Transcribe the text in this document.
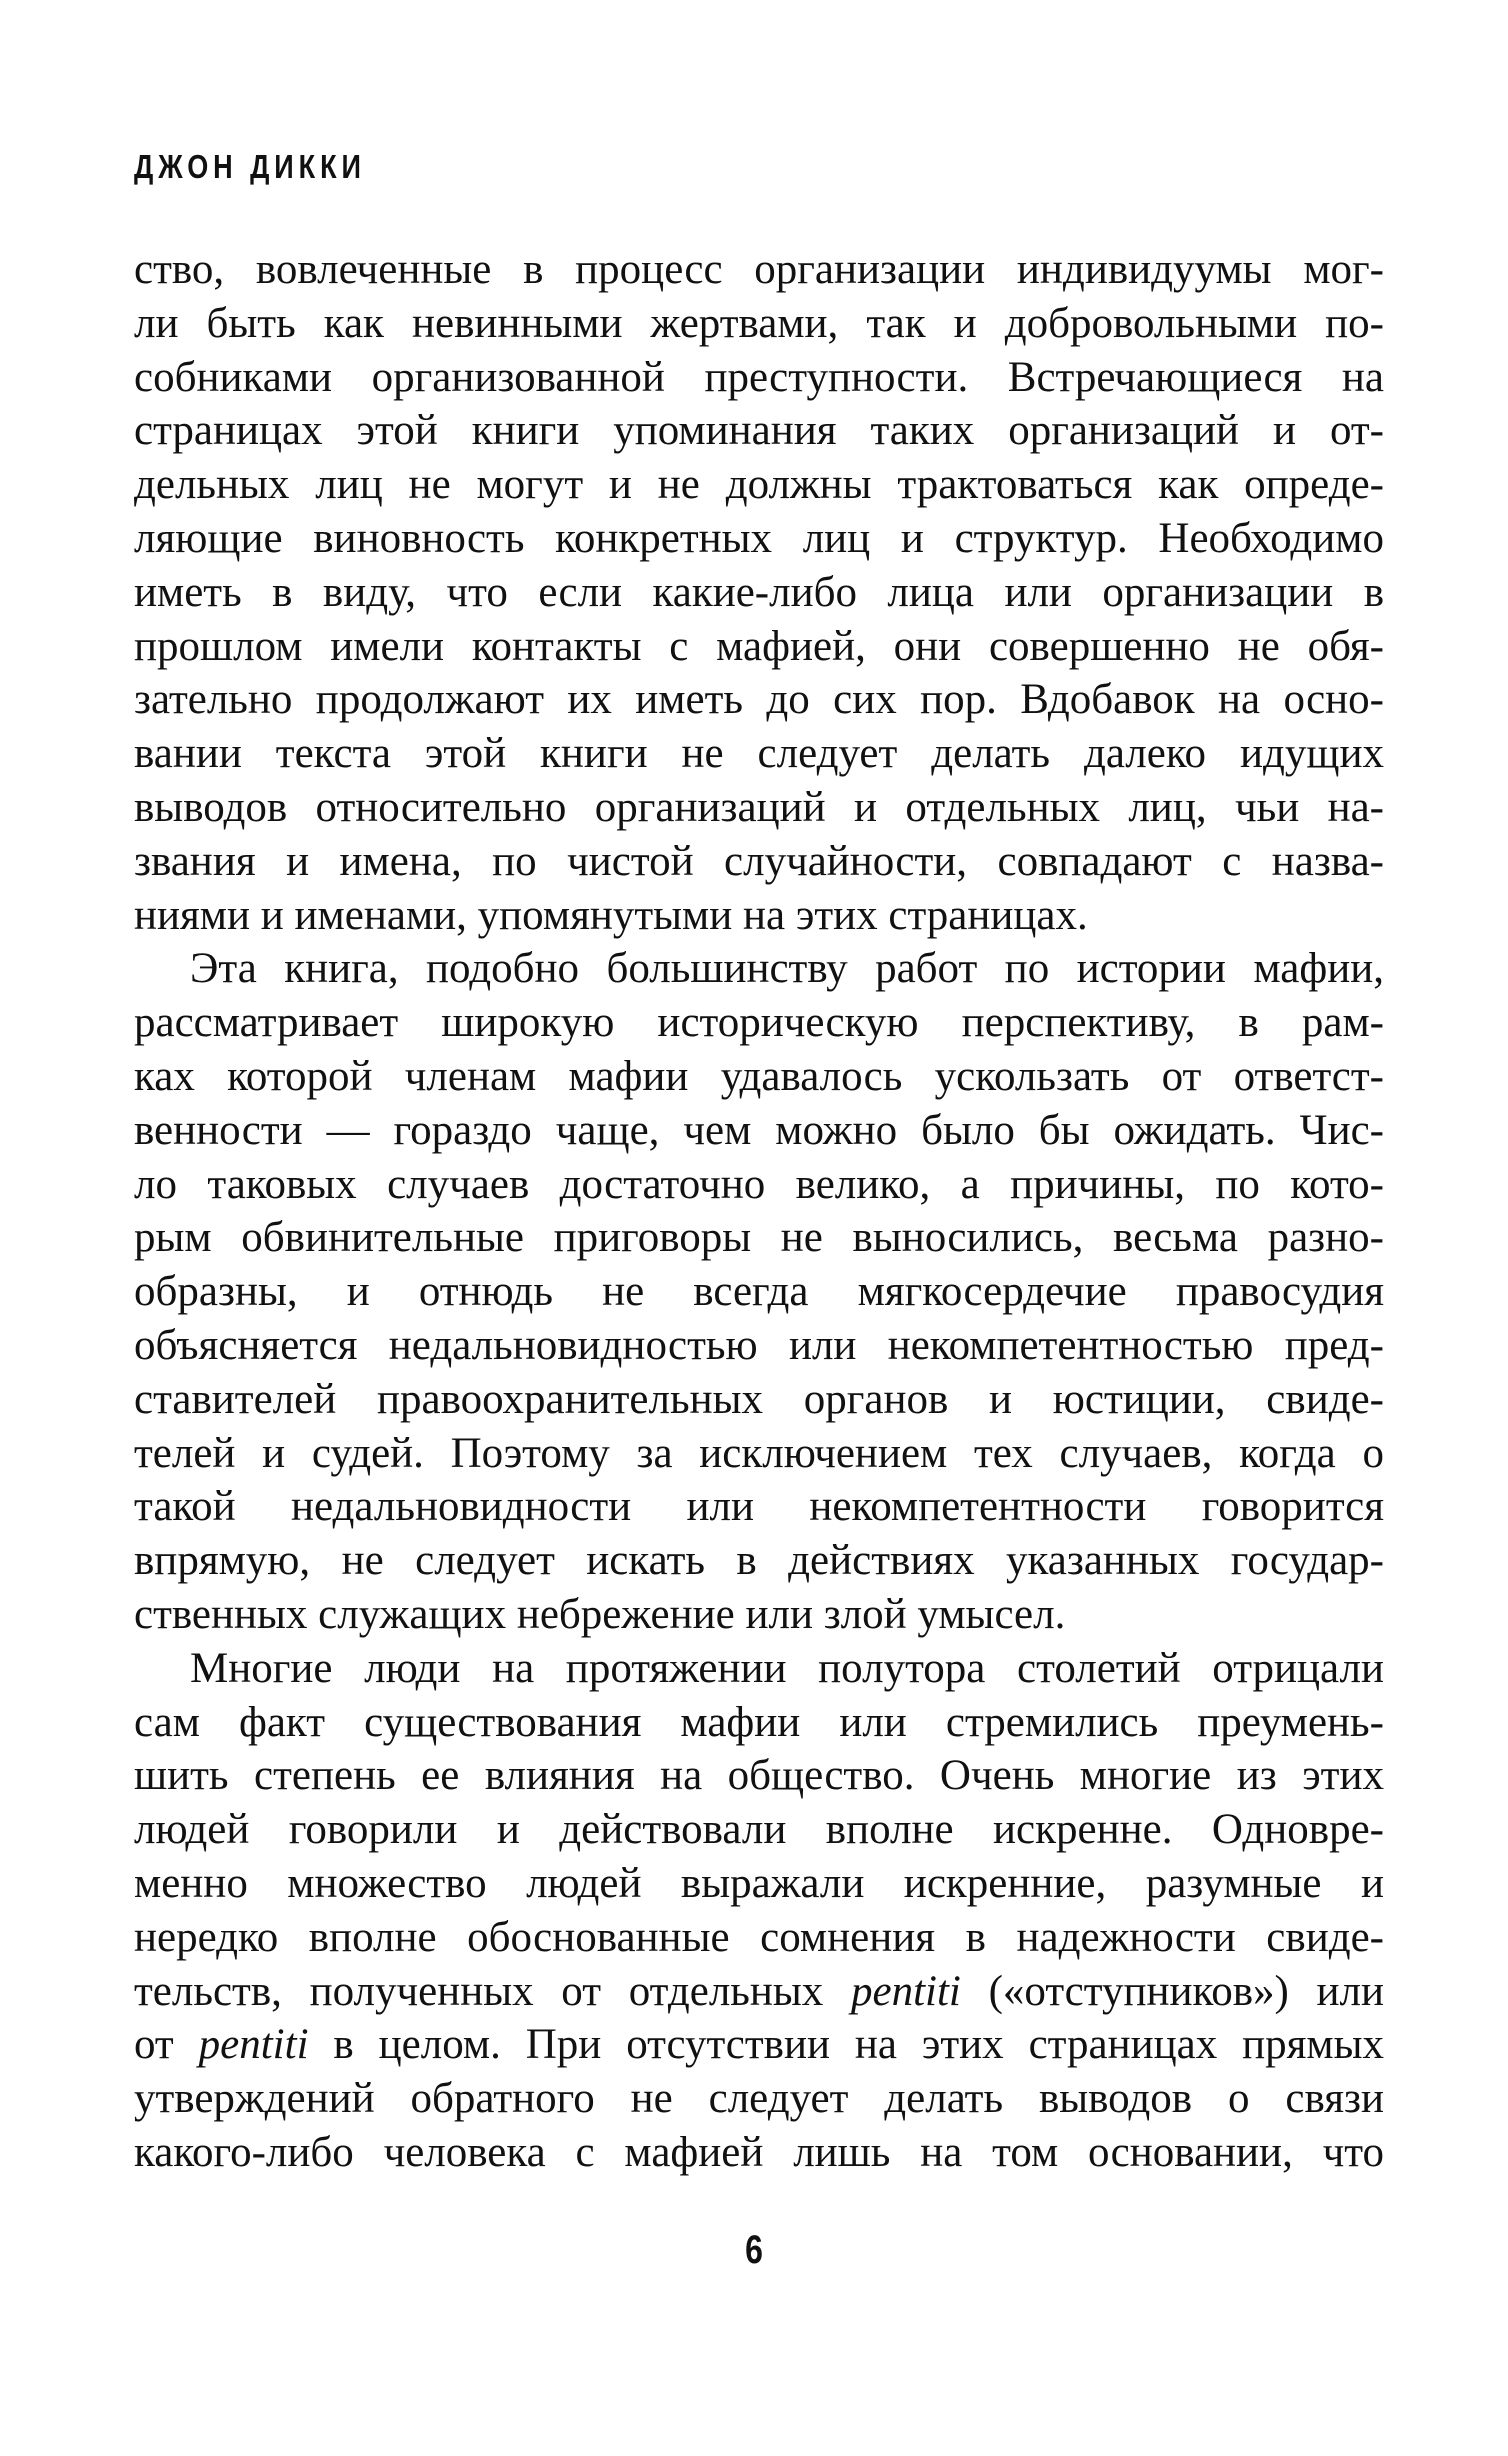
ДЖОН ДИККИ
ство, вовлеченные в процесс организации индивидуумы мог-
ли быть как невинными жертвами, так и добровольными по-
собниками организованной преступности. Встречающиеся на
страницах этой книги упоминания таких организаций и от-
дельных лиц не могут и не должны трактоваться как опреде-
ляющие виновность конкретных лиц и структур. Необходимо
иметь в виду, что если какие-либо лица или организации в
прошлом имели контакты с мафией, они совершенно не обя-
зательно продолжают их иметь до сих пор. Вдобавок на осно-
вании текста этой книги не следует делать далеко идущих
выводов относительно организаций и отдельных лиц, чьи на-
звания и имена, по чистой случайности, совпадают с назва-
ниями и именами, упомянутыми на этих страницах.
Эта книга, подобно большинству работ по истории мафии,
рассматривает широкую историческую перспективу, в рам-
ках которой членам мафии удавалось ускользать от ответст-
венности — гораздо чаще, чем можно было бы ожидать. Чис-
ло таковых случаев достаточно велико, а причины, по кото-
рым обвинительные приговоры не выносились, весьма разно-
образны, и отнюдь не всегда мягкосердечие правосудия
объясняется недальновидностью или некомпетентностью пред-
ставителей правоохранительных органов и юстиции, свиде-
телей и судей. Поэтому за исключением тех случаев, когда о
такой недальновидности или некомпетентности говорится
впрямую, не следует искать в действиях указанных государ-
ственных служащих небрежение или злой умысел.
Многие люди на протяжении полутора столетий отрицали
сам факт существования мафии или стремились преумень-
шить степень ее влияния на общество. Очень многие из этих
людей говорили и действовали вполне искренне. Одновре-
менно множество людей выражали искренние, разумные и
нередко вполне обоснованные сомнения в надежности свиде-
тельств, полученных от отдельных pentiti («отступников») или
от pentiti в целом. При отсутствии на этих страницах прямых
утверждений обратного не следует делать выводов о связи
какого-либо человека с мафией лишь на том основании, что
6
